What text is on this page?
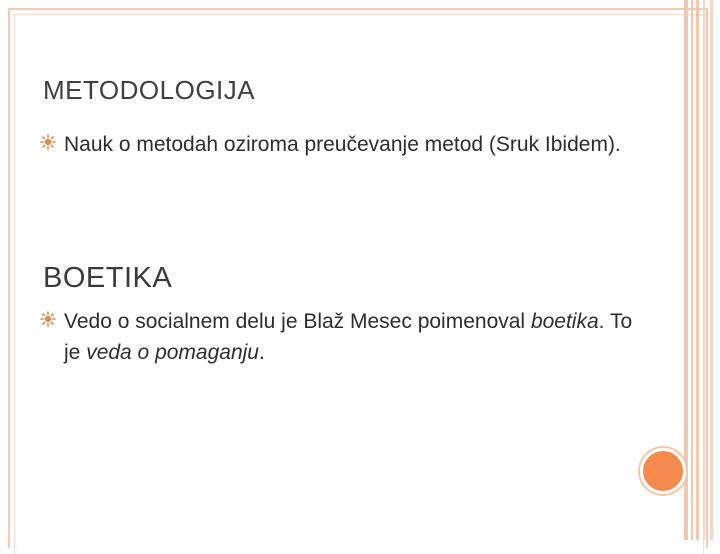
METODOLOGIJA
Nauk o metodah oziroma preučevanje metod (Sruk Ibidem).
BOETIKA
Vedo o socialnem delu je Blaž Mesec poimenoval boetika. To je veda o pomaganju.
